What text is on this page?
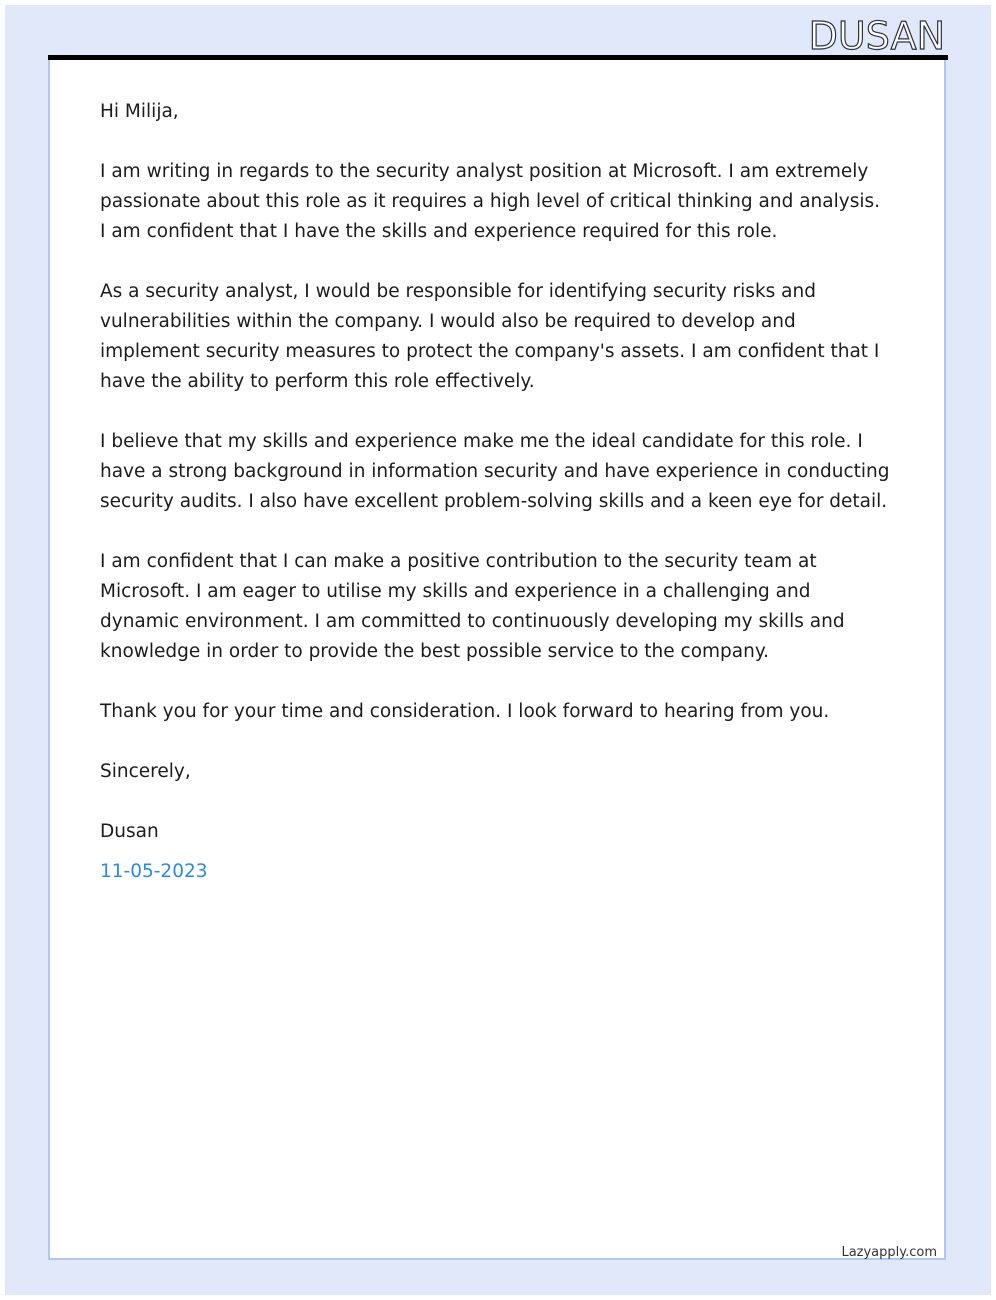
DUSAN

Hi Milija,

I am writing in regards to the security analyst position at Microsoft. I am extremely passionate about this role as it requires a high level of critical thinking and analysis. I am confident that I have the skills and experience required for this role.

As a security analyst, I would be responsible for identifying security risks and vulnerabilities within the company. I would also be required to develop and implement security measures to protect the company's assets. I am confident that I have the ability to perform this role effectively.

I believe that my skills and experience make me the ideal candidate for this role. I have a strong background in information security and have experience in conducting security audits. I also have excellent problem-solving skills and a keen eye for detail.

I am confident that I can make a positive contribution to the security team at Microsoft. I am eager to utilise my skills and experience in a challenging and dynamic environment. I am committed to continuously developing my skills and knowledge in order to provide the best possible service to the company.

Thank you for your time and consideration. I look forward to hearing from you.

Sincerely,

Dusan

11-05-2023

Lazyapply.com
